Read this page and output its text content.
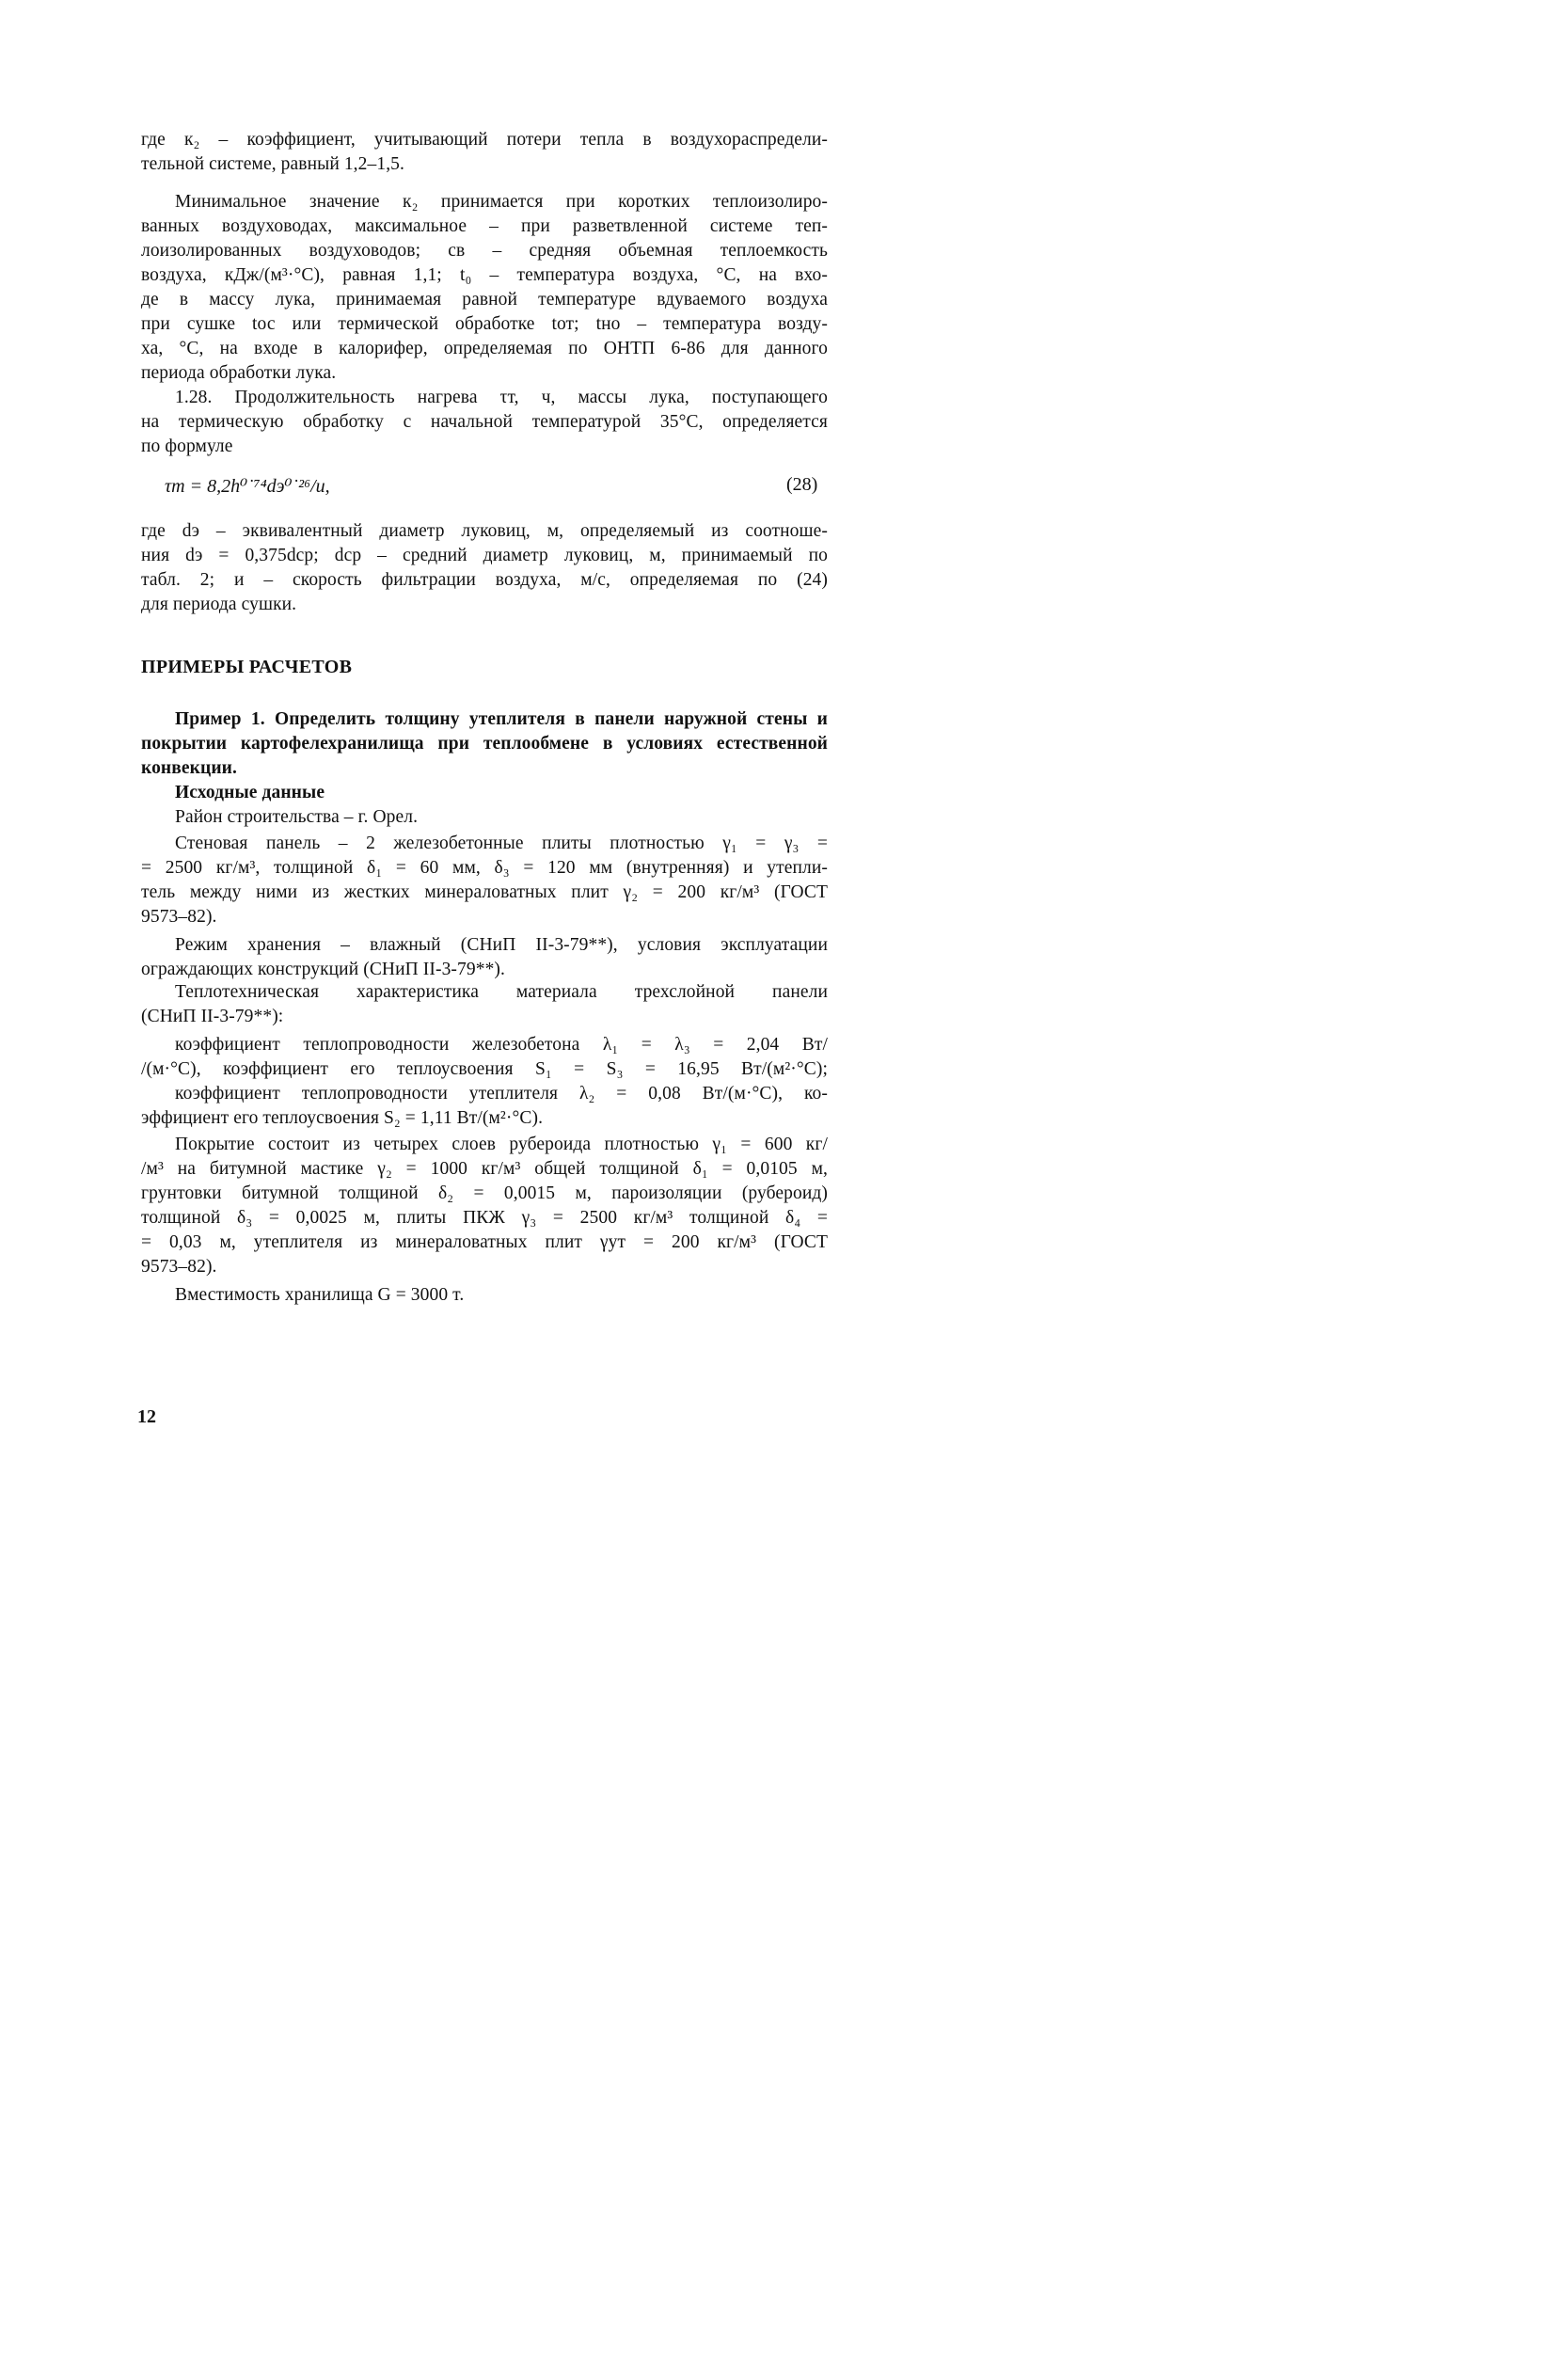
где к₂ – коэффициент, учитывающий потери тепла в воздухораспредели-
тельной системе, равный 1,2–1,5.
Минимальное значение к₂ принимается при коротких теплоизолиро-
ванных воздуховодах, максимальное – при разветвленной системе теп-
лоизолированных воздуховодов; св – средняя объемная теплоемкость
воздуха, кДж/(м³·°С), равная 1,1; t₀ – температура воздуха, °С, на вхо-
де в массу лука, принимаемая равной температуре вдуваемого воздуха
при сушке tос или термической обработке tот; tно – температура возду-
ха, °С, на входе в калорифер, определяемая по ОНТП 6-86 для данного
периода обработки лука.
1.28. Продолжительность нагрева τт, ч, массы лука, поступающего
на термическую обработку с начальной температурой 35°С, определяется
по формуле
τт = 8,2h⁰˙⁷⁴dэ⁰˙²⁶/и,	(28)
где dэ – эквивалентный диаметр луковиц, м, определяемый из соотноше-
ния dэ = 0,375dср; dср – средний диаметр луковиц, м, принимаемый по
табл. 2; и – скорость фильтрации воздуха, м/с, определяемая по (24)
для периода сушки.
ПРИМЕРЫ РАСЧЕТОВ
Пример 1. Определить толщину утеплителя в панели наружной стены и
покрытии картофелехранилища при теплообмене в условиях естественной
конвекции.
Исходные данные
Район строительства – г. Орел.
Стеновая панель – 2 железобетонные плиты плотностью γ₁ = γ₃ =
= 2500 кг/м³, толщиной δ₁ = 60 мм, δ₃ = 120 мм (внутренняя) и утепли-
тель между ними из жестких минераловатных плит γ₂ = 200 кг/м³ (ГОСТ
9573–82).
Режим хранения – влажный (СНиП II-3-79**), условия эксплуатации
ограждающих конструкций (СНиП II-3-79**).
Теплотехническая характеристика материала трехслойной панели
(СНиП II-3-79**):
коэффициент теплопроводности железобетона λ₁ = λ₃ = 2,04 Вт/
/(м·°С), коэффициент его теплоусвоения S₁ = S₃ = 16,95 Вт/(м²·°С);
коэффициент теплопроводности утеплителя λ₂ = 0,08 Вт/(м·°С), ко-
эффициент его теплоусвоения S₂ = 1,11 Вт/(м²·°С).
Покрытие состоит из четырех слоев рубероида плотностью γ₁ = 600 кг/
/м³ на битумной мастике γ₂ = 1000 кг/м³ общей толщиной δ₁ = 0,0105 м,
грунтовки битумной толщиной δ₂ = 0,0015 м, пароизоляции (рубероид)
толщиной δ₃ = 0,0025 м, плиты ПКЖ γ₃ = 2500 кг/м³ толщиной δ₄ =
= 0,03 м, утеплителя из минераловатных плит γут = 200 кг/м³ (ГОСТ
9573–82).
Вместимость хранилища G = 3000 т.
12
